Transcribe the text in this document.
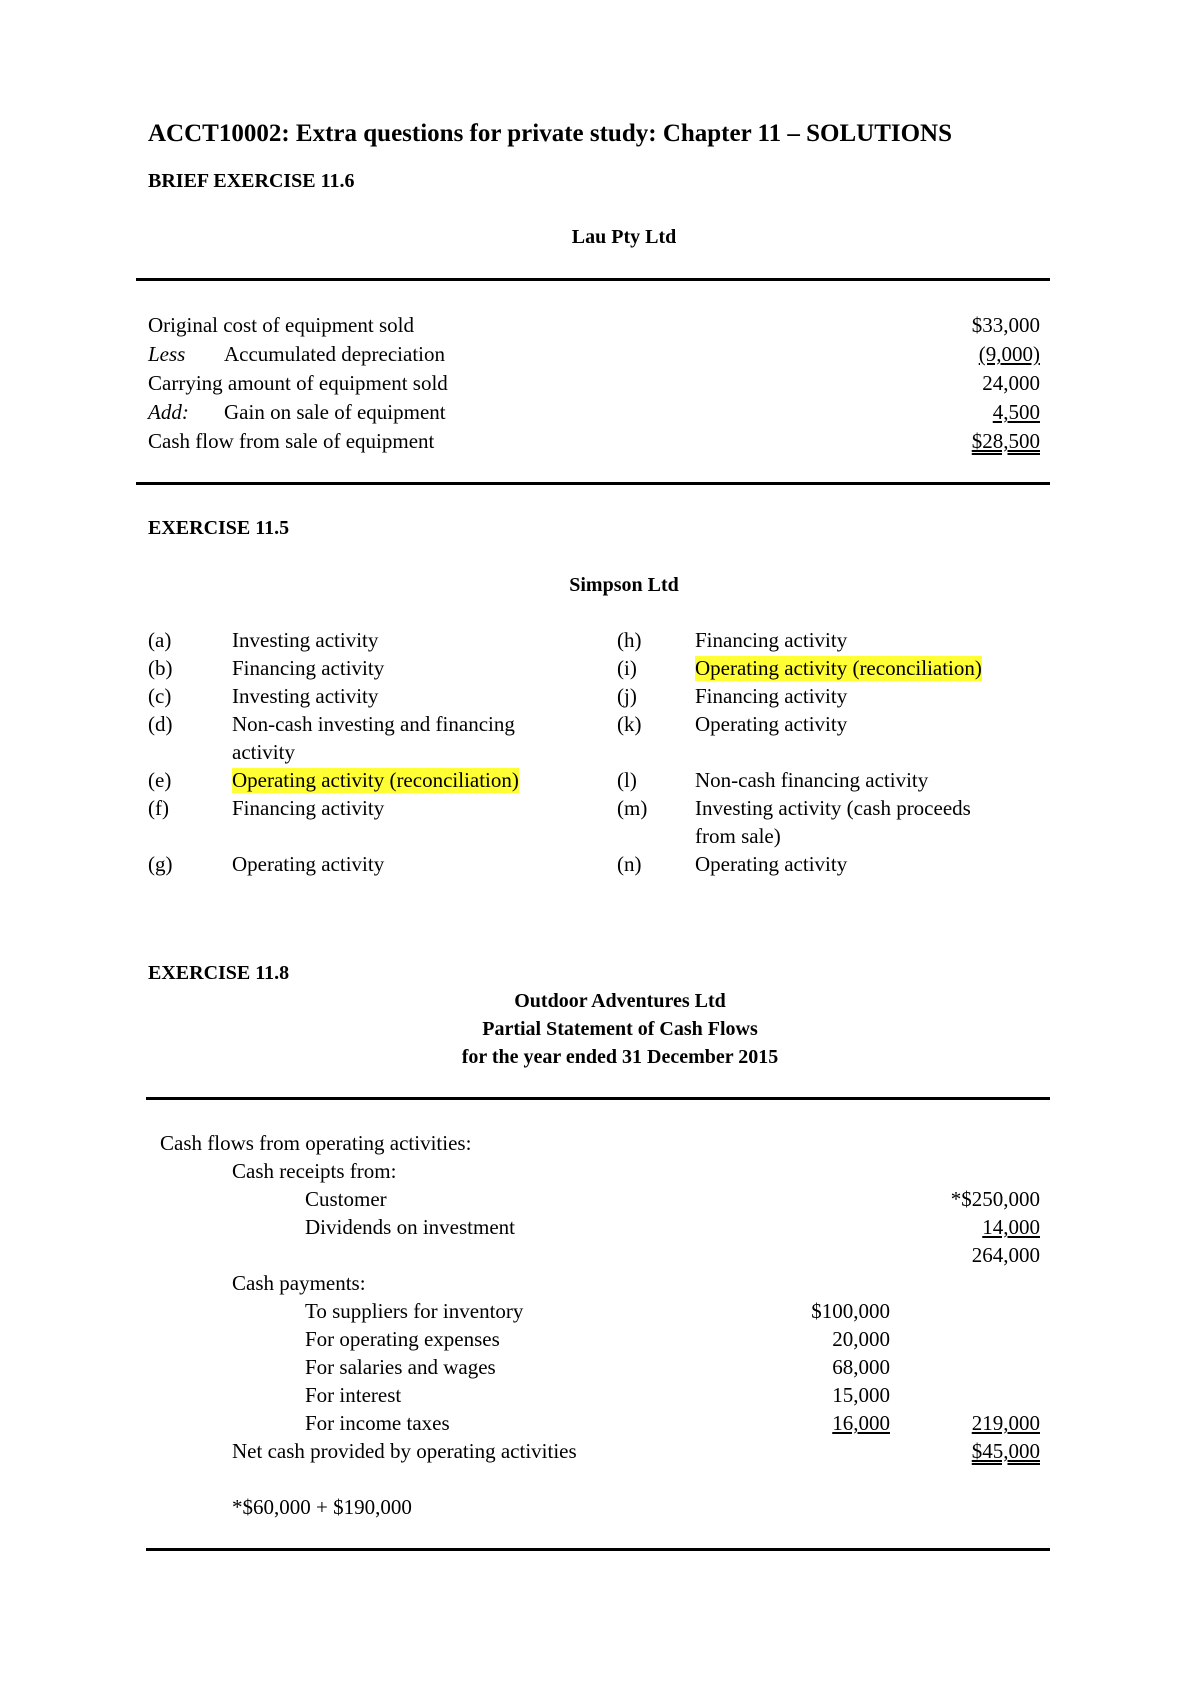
ACCT10002: Extra questions for private study: Chapter 11 – SOLUTIONS
BRIEF EXERCISE 11.6
Lau Pty Ltd
Original cost of equipment sold	$33,000
Less Accumulated depreciation	(9,000)
Carrying amount of equipment sold	24,000
Add: Gain on sale of equipment	4,500
Cash flow from sale of equipment	$28,500
EXERCISE 11.5
Simpson Ltd
(a)	Investing activity
(b)	Financing activity
(c)	Investing activity
(d)	Non-cash investing and financing
activity
(e)	Operating activity (reconciliation)
(f)	Financing activity
(g)	Operating activity
(h)	Financing activity
(i)	Operating activity (reconciliation)
(j)	Financing activity
(k)	Operating activity
(l)	Non-cash financing activity
(m) Investing activity (cash proceeds
from sale)
(n)	Operating activity
EXERCISE 11.8
Outdoor Adventures Ltd
Partial Statement of Cash Flows
for the year ended 31 December 2015
Cash flows from operating activities:
Cash receipts from:
Customer	*$250,000
Dividends on investment	14,000
264,000
Cash payments:
To suppliers for inventory	$100,000
For operating expenses	20,000
For salaries and wages	68,000
For interest	15,000
For income taxes	16,000	219,000
Net cash provided by operating activities	$45,000
*$60,000 + $190,000
